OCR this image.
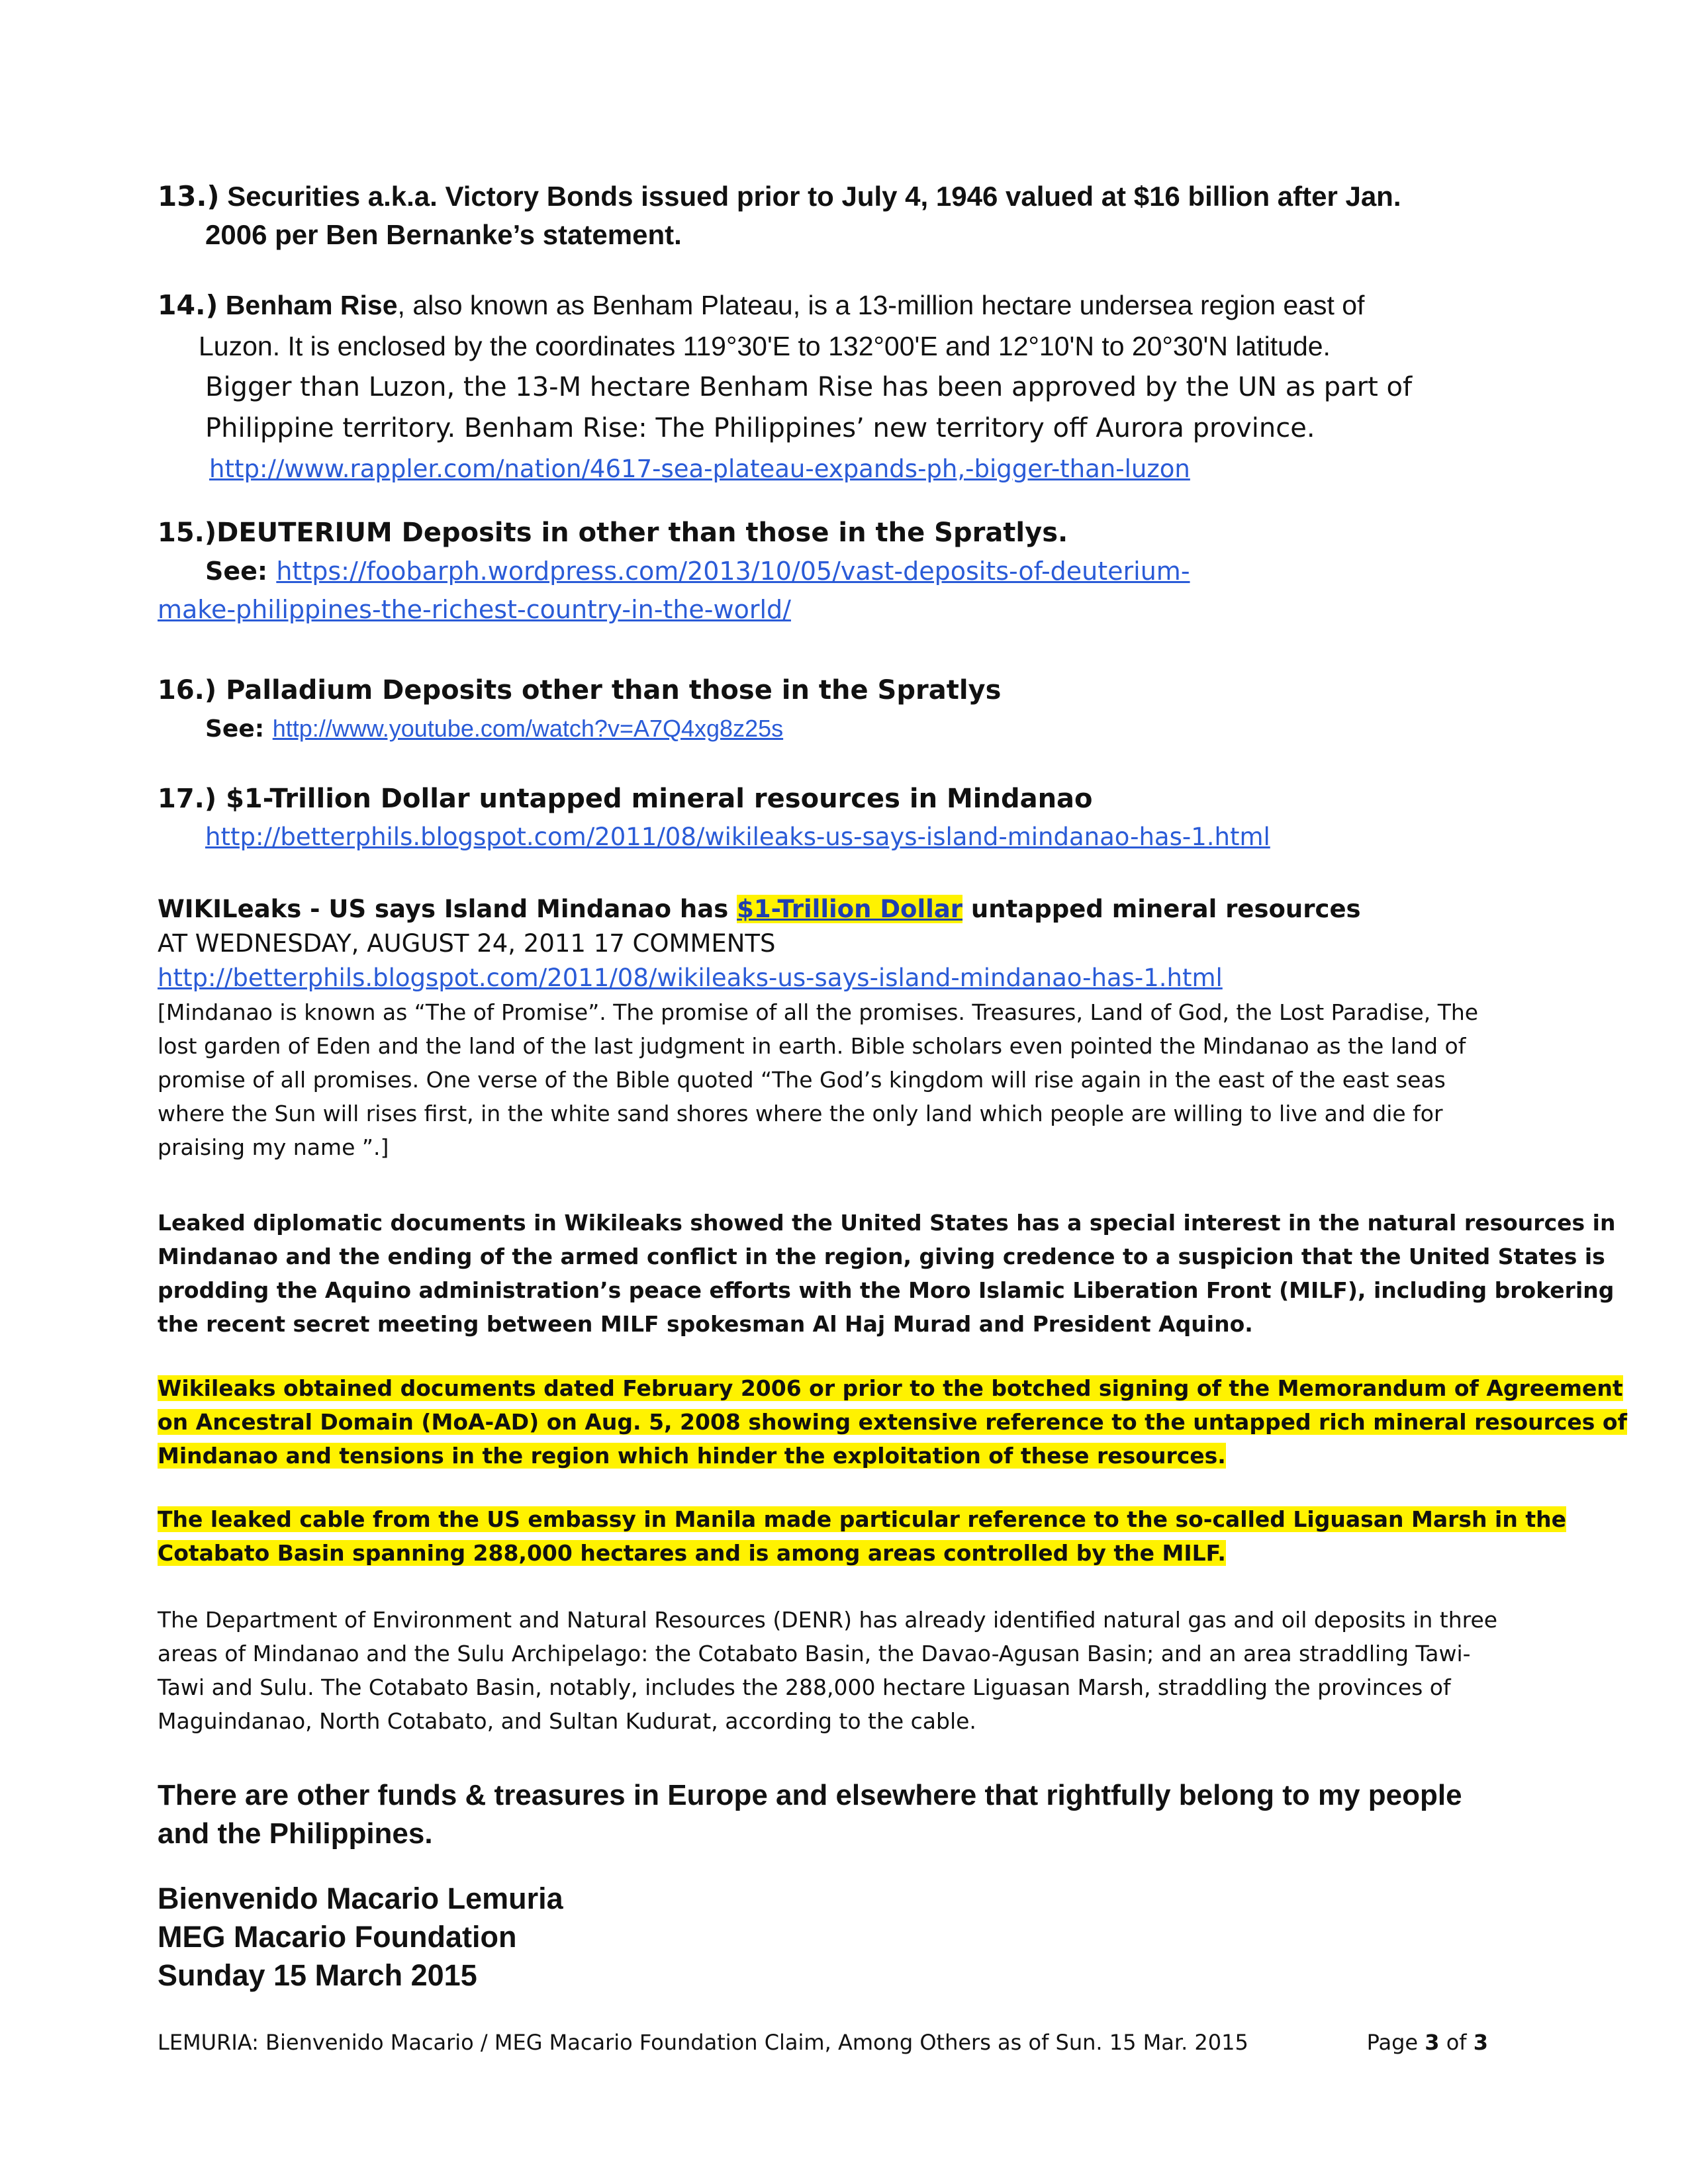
13.) Securities a.k.a. Victory Bonds issued prior to July 4, 1946 valued at $16 billion after Jan.
2006 per Ben Bernanke’s statement.
14.) Benham Rise, also known as Benham Plateau, is a 13-million hectare undersea region east of
Luzon. It is enclosed by the coordinates 119°30'E to 132°00'E and 12°10'N to 20°30'N latitude.
Bigger than Luzon, the 13-M hectare Benham Rise has been approved by the UN as part of
Philippine territory. Benham Rise: The Philippines’ new territory off Aurora province.
http://www.rappler.com/nation/4617-sea-plateau-expands-ph,-bigger-than-luzon
15.)DEUTERIUM Deposits in other than those in the Spratlys.
See: https://foobarph.wordpress.com/2013/10/05/vast-deposits-of-deuterium-
make-philippines-the-richest-country-in-the-world/
16.) Palladium Deposits other than those in the Spratlys
See: http://www.youtube.com/watch?v=A7Q4xg8z25s
17.) $1-Trillion Dollar untapped mineral resources in Mindanao
http://betterphils.blogspot.com/2011/08/wikileaks-us-says-island-mindanao-has-1.html
WIKILeaks - US says Island Mindanao has $1-Trillion Dollar untapped mineral resources
AT WEDNESDAY, AUGUST 24, 2011 17 COMMENTS
http://betterphils.blogspot.com/2011/08/wikileaks-us-says-island-mindanao-has-1.html
[Mindanao is known as “The of Promise”. The promise of all the promises. Treasures, Land of God, the Lost Paradise, The
lost garden of Eden and the land of the last judgment in earth. Bible scholars even pointed the Mindanao as the land of
promise of all promises. One verse of the Bible quoted “The God’s kingdom will rise again in the east of the east seas
where the Sun will rises first, in the white sand shores where the only land which people are willing to live and die for
praising my name ”.]
Leaked diplomatic documents in Wikileaks showed the United States has a special interest in the natural resources in
Mindanao and the ending of the armed conflict in the region, giving credence to a suspicion that the United States is
prodding the Aquino administration’s peace efforts with the Moro Islamic Liberation Front (MILF), including brokering
the recent secret meeting between MILF spokesman Al Haj Murad and President Aquino.
Wikileaks obtained documents dated February 2006 or prior to the botched signing of the Memorandum of Agreement
on Ancestral Domain (MoA-AD) on Aug. 5, 2008 showing extensive reference to the untapped rich mineral resources of
Mindanao and tensions in the region which hinder the exploitation of these resources.
The leaked cable from the US embassy in Manila made particular reference to the so-called Liguasan Marsh in the
Cotabato Basin spanning 288,000 hectares and is among areas controlled by the MILF.
The Department of Environment and Natural Resources (DENR) has already identified natural gas and oil deposits in three
areas of Mindanao and the Sulu Archipelago: the Cotabato Basin, the Davao-Agusan Basin; and an area straddling Tawi-
Tawi and Sulu. The Cotabato Basin, notably, includes the 288,000 hectare Liguasan Marsh, straddling the provinces of
Maguindanao, North Cotabato, and Sultan Kudurat, according to the cable.
There are other funds & treasures in Europe and elsewhere that rightfully belong to my people
and the Philippines.
Bienvenido Macario Lemuria
MEG Macario Foundation
Sunday 15 March 2015
LEMURIA: Bienvenido Macario / MEG Macario Foundation Claim, Among Others as of Sun. 15 Mar. 2015	Page 3 of 3
